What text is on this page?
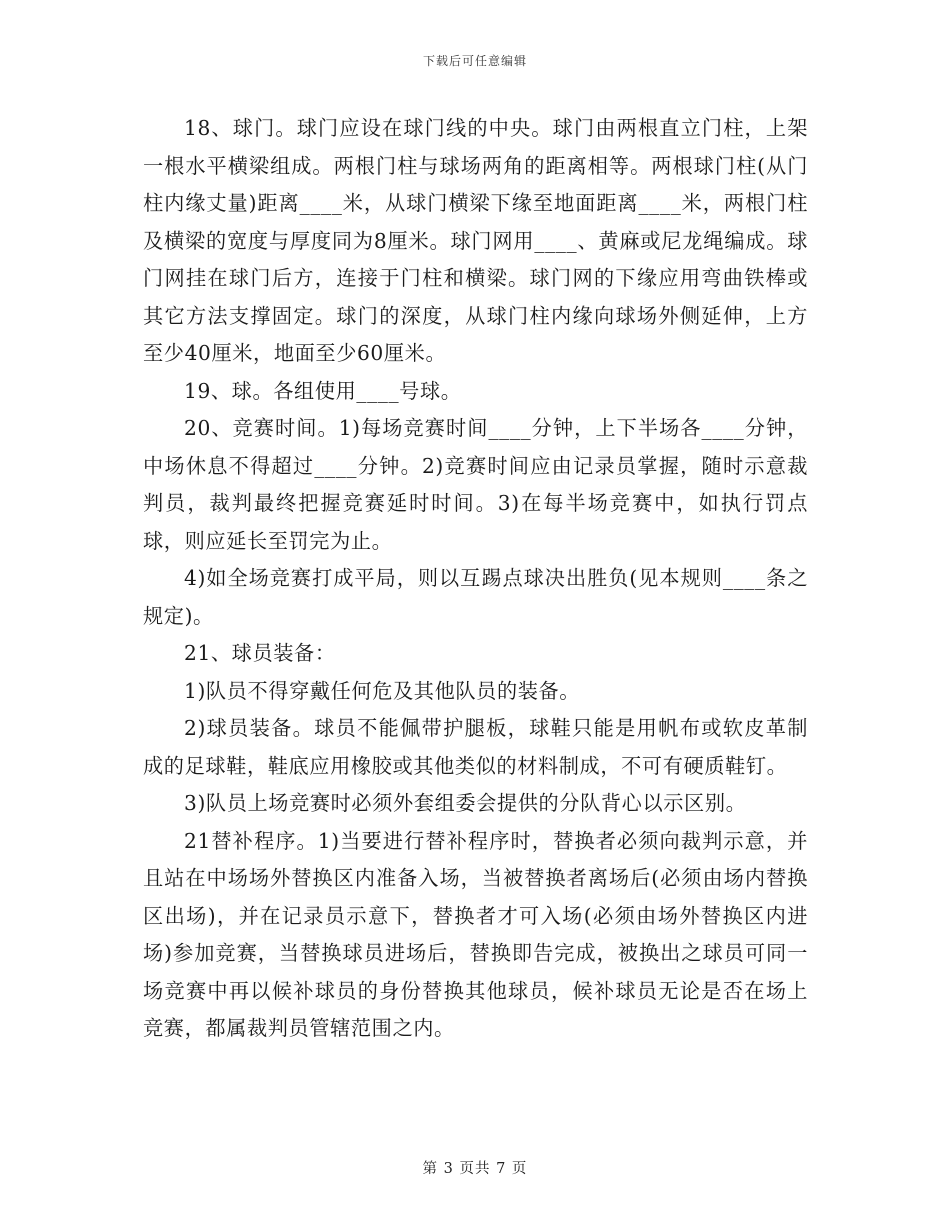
下载后可任意编辑

18、球门。球门应设在球门线的中央。球门由两根直立门柱，上架一根水平横梁组成。两根门柱与球场两角的距离相等。两根球门柱(从门柱内缘丈量)距离____米，从球门横梁下缘至地面距离____米，两根门柱及横梁的宽度与厚度同为8厘米。球门网用____、黄麻或尼龙绳编成。球门网挂在球门后方，连接于门柱和横梁。球门网的下缘应用弯曲铁棒或其它方法支撑固定。球门的深度，从球门柱内缘向球场外侧延伸，上方至少40厘米，地面至少60厘米。

19、球。各组使用____号球。

20、竞赛时间。1)每场竞赛时间____分钟，上下半场各____分钟，中场休息不得超过____分钟。2)竞赛时间应由记录员掌握，随时示意裁判员，裁判最终把握竞赛延时时间。3)在每半场竞赛中，如执行罚点球，则应延长至罚完为止。

4)如全场竞赛打成平局，则以互踢点球决出胜负(见本规则____条之规定)。

21、球员装备：

1)队员不得穿戴任何危及其他队员的装备。

2)球员装备。球员不能佩带护腿板，球鞋只能是用帆布或软皮革制成的足球鞋，鞋底应用橡胶或其他类似的材料制成，不可有硬质鞋钉。

3)队员上场竞赛时必须外套组委会提供的分队背心以示区别。

21替补程序。1)当要进行替补程序时，替换者必须向裁判示意，并且站在中场场外替换区内准备入场，当被替换者离场后(必须由场内替换区出场)，并在记录员示意下，替换者才可入场(必须由场外替换区内进场)参加竞赛，当替换球员进场后，替换即告完成，被换出之球员可同一场竞赛中再以候补球员的身份替换其他球员，候补球员无论是否在场上竞赛，都属裁判员管辖范围之内。

第 3 页共 7 页
